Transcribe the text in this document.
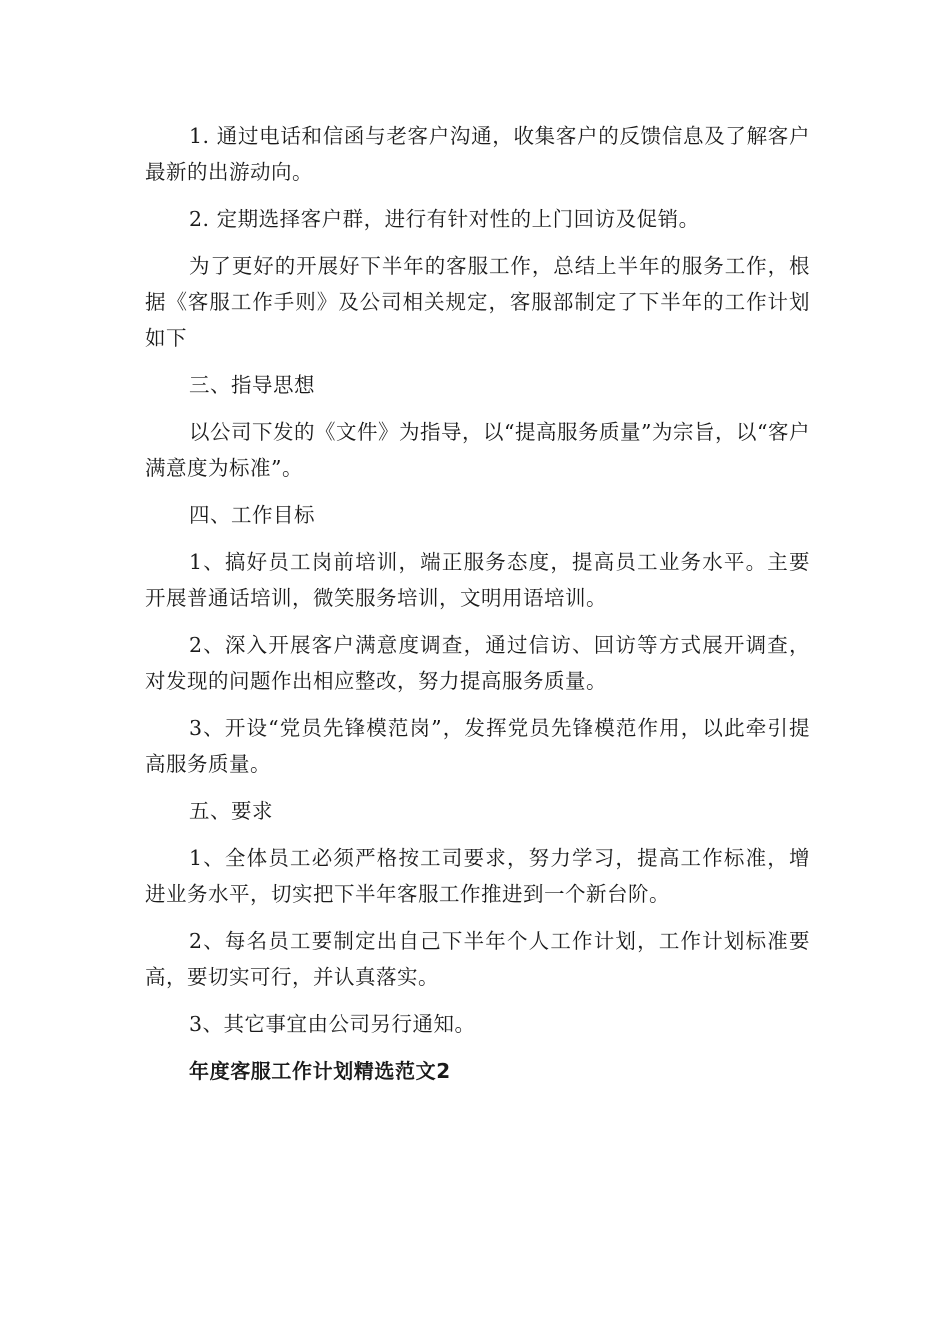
1. 通过电话和信函与老客户沟通，收集客户的反馈信息及了解客户最新的出游动向。

2. 定期选择客户群，进行有针对性的上门回访及促销。

为了更好的开展好下半年的客服工作，总结上半年的服务工作，根据《客服工作手则》及公司相关规定，客服部制定了下半年的工作计划如下

三、指导思想

以公司下发的《文件》为指导，以“提高服务质量”为宗旨，以“客户满意度为标准”。

四、工作目标

1、搞好员工岗前培训，端正服务态度，提高员工业务水平。主要开展普通话培训，微笑服务培训，文明用语培训。

2、深入开展客户满意度调查，通过信访、回访等方式展开调查，对发现的问题作出相应整改，努力提高服务质量。

3、开设“党员先锋模范岗”，发挥党员先锋模范作用，以此牵引提高服务质量。

五、要求

1、全体员工必须严格按工司要求，努力学习，提高工作标准，增进业务水平，切实把下半年客服工作推进到一个新台阶。

2、每名员工要制定出自己下半年个人工作计划，工作计划标准要高，要切实可行，并认真落实。

3、其它事宜由公司另行通知。

年度客服工作计划精选范文2
